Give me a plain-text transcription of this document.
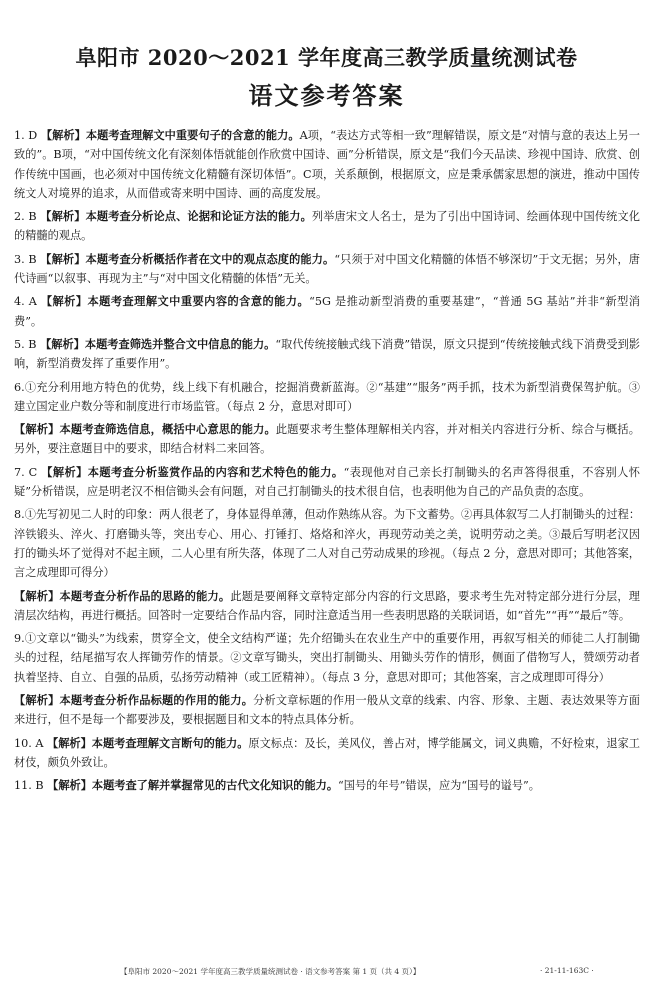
阜阳市 2020～2021 学年度高三教学质量统测试卷
语文参考答案

1. D 【解析】本题考查理解文中重要句子的含意的能力。A项，“表达方式等相一致”理解错误，原文是“对情与意的表达上另一致的”。B项，“对中国传统文化有深刻体悟就能创作欣赏中国诗、画”分析错误，原文是“我们今天品读、珍视中国诗、欣赏、创作传统中国画，也必须对中国传统文化精髓有深切体悟”。C项，关系颠倒，根据原文，应是秉承儒家思想的演进，推动中国传统文人对境界的追求，从而借或寄来明中国诗、画的高度发展。

2. B 【解析】本题考查分析论点、论据和论证方法的能力。列举唐宋文人名士，是为了引出中国诗词、绘画体现中国传统文化的精髓的观点。

3. B 【解析】本题考查分析概括作者在文中的观点态度的能力。“只须于对中国文化精髓的体悟不够深切”于文无据；另外，唐代诗画“以叙事、再现为主”与“对中国文化精髓的体悟”无关。

4. A 【解析】本题考查理解文中重要内容的含意的能力。“5G 是推动新型消费的重要基建”，“普通 5G 基站”并非“新型消费”。

5. B 【解析】本题考查筛选并整合文中信息的能力。“取代传统接触式线下消费”错误，原文只提到“传统接触式线下消费受到影响，新型消费发挥了重要作用”。

6.①充分利用地方特色的优势，线上线下有机融合，挖掘消费新蓝海。②“基建”“服务”两手抓，技术为新型消费保驾护航。③建立国定业户数分等和制度进行市场监管。（每点 2 分，意思对即可）

【解析】本题考查筛选信息，概括中心意思的能力。此题要求考生整体理解相关内容，并对相关内容进行分析、综合与概括。另外，要注意题目中的要求，即结合材料二来回答。

7. C 【解析】本题考查分析鉴赏作品的内容和艺术特色的能力。“表现他对自己亲长打制锄头的名声答得很重，不容别人怀疑”分析错误，应是明老汉不相信锄头会有问题，对自己打制锄头的技术很自信，也表明他为自己的产品负责的态度。

8.①先写初见二人时的印象：两人很老了，身体显得单薄，但动作熟练从容。为下文蓄势。②再具体叙写二人打制锄头的过程：淬铁锻头、淬火、打磨锄头等，突出专心、用心、打锤打、烙烙和淬火，再现劳动美之美，说明劳动之美。③最后写明老汉因打的锄头坏了觉得对不起主顾，二人心里有所失落，体现了二人对自己劳动成果的珍视。（每点 2 分，意思对即可；其他答案，言之成理即可得分）

【解析】本题考查分析作品的思路的能力。此题是要阐释文章特定部分内容的行文思路，要求考生先对特定部分进行分层，理清层次结构，再进行概括。回答时一定要结合作品内容，同时注意适当用一些表明思路的关联词语，如“首先”“再”“最后”等。

9.①文章以“锄头”为线索，贯穿全文，使全文结构严谨；先介绍锄头在农业生产中的重要作用，再叙写相关的师徒二人打制锄头的过程，结尾描写农人挥锄劳作的情景。②文章写锄头，突出打制锄头、用锄头劳作的情形，侧面了借物写人，赞颂劳动者执着坚持、自立、自强的品质，弘扬劳动精神（或工匠精神）。（每点 3 分，意思对即可；其他答案，言之成理即可得分）

【解析】本题考查分析作品标题的作用的能力。分析文章标题的作用一般从文章的线索、内容、形象、主题、表达效果等方面来进行，但不是每一个都要涉及，要根据题目和文本的特点具体分析。

10. A 【解析】本题考查理解文言断句的能力。原文标点：及长，美风仪，善占对，博学能属文，词义典赡，不好检束，退家工材伎，颇负外致让。

11. B 【解析】本题考查了解并掌握常见的古代文化知识的能力。“国号的年号”错误，应为“国号的谥号”。

【阜阳市 2020～2021 学年度高三教学质量统测试卷 · 语文参考答案 第 1 页（共 4 页）】	· 21-11-163C ·
